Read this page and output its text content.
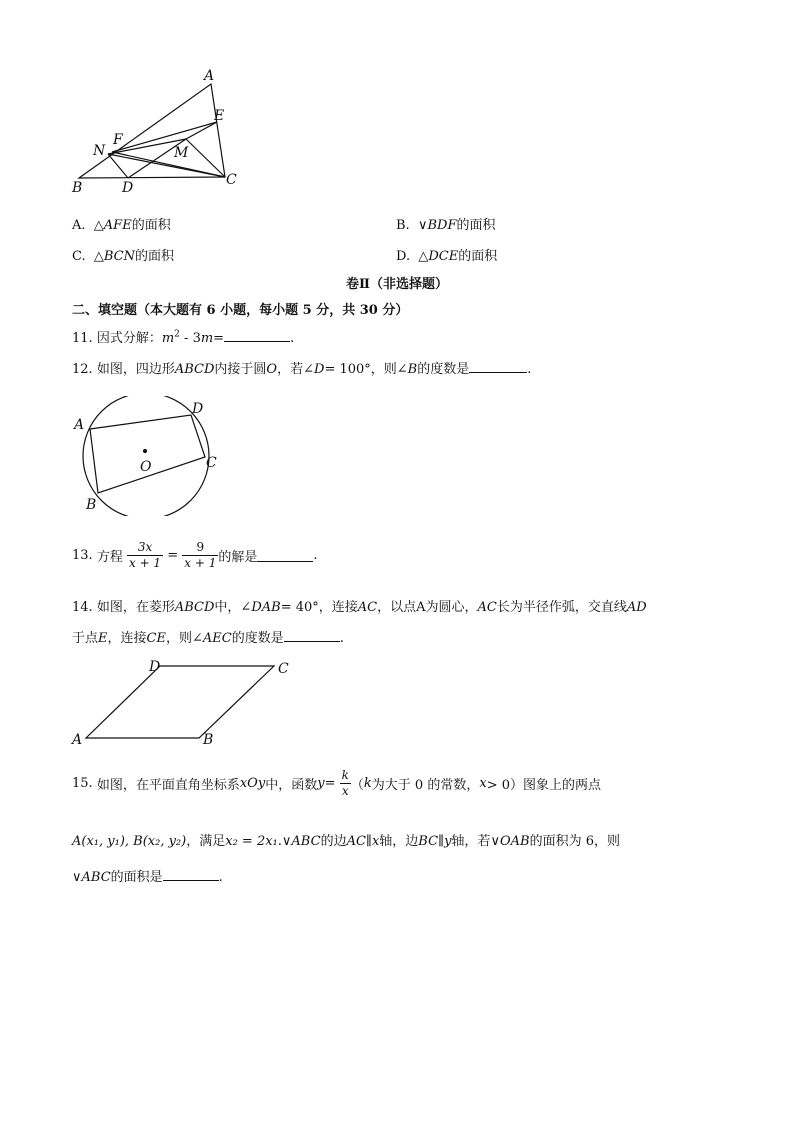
A
E
F
N	M
B	D	C
A. △AFE的面积	B. ∨BDF的面积
C. △BCN的面积	D. △DCE的面积
卷Ⅱ（非选择题）
二、填空题（本大题有 6 小题，每小题 5 分，共 30 分）
11. 因式分解：$m^2 - 3m=$	.
12. 如图，四边形ABCD内接于圆O，若∠D= 100°，则∠B的度数是	.
A
D
O	C
B
13. 方程 $\frac{3x}{x + 1} = \frac{9}{x + 1}$ 的解是	.
14. 如图，在菱形ABCD中，∠DAB= 40°，连接AC，以点A为圆心，AC长为半径作弧，交直线AD
于点E，连接CE，则∠AEC的度数是	.
D	C
A	B
15. 如图，在平面直角坐标系xOy中，函数$y= \frac{k}{x} (k$为大于 0 的常数，x> 0）图象上的两点
A(x₁, y₁), B(x₂, y₂)，满足x₂ = 2x₁.∨ABC的边AC∥x轴，边BC∥y轴，若∨OAB的面积为 6，则
∨ABC的面积是	.
